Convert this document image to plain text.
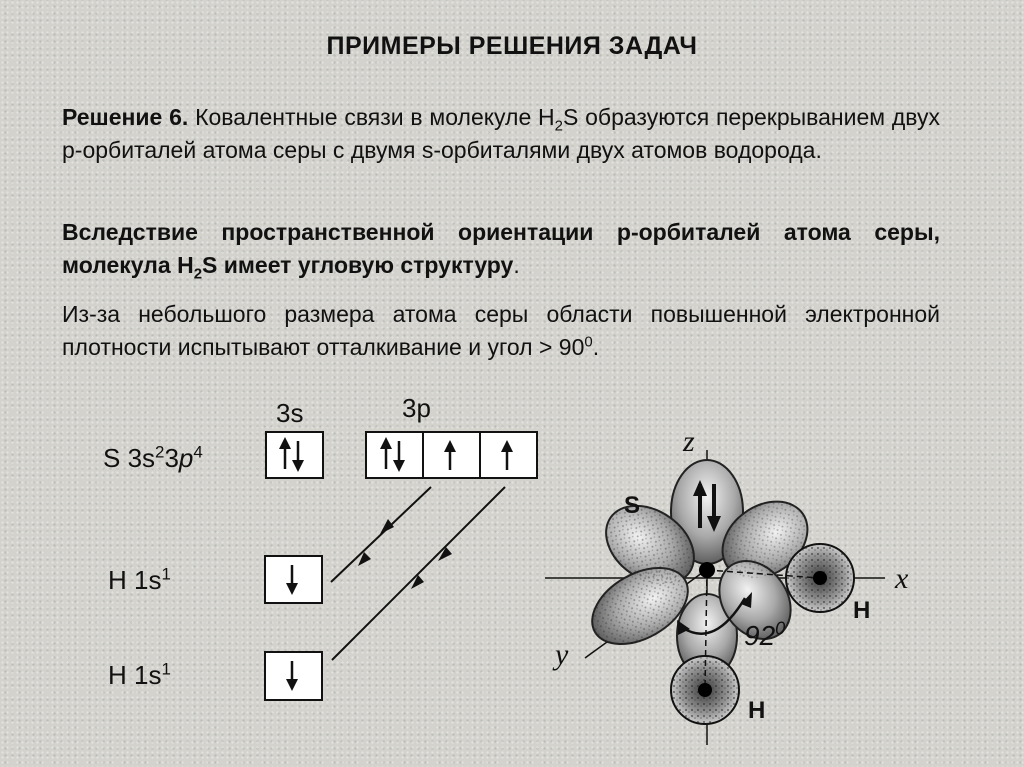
ПРИМЕРЫ РЕШЕНИЯ ЗАДАЧ
Решение 6. Ковалентные связи в молекуле $H_2S$ образуются перекрыванием двух р-орбиталей атома серы с двумя s-орбиталями двух атомов водорода.
Вследствие пространственной ориентации р-орбиталей атома серы, молекула $H_2S$ имеет угловую структуру.
Из-за небольшого размера атома серы области повышенной электронной плотности испытывают отталкивание и угол > $90^0$.
3s	3p
S $3s^23p^4$
H $1s^1$
H $1s^1$
S
H
H
z
x
y
$92^0$
